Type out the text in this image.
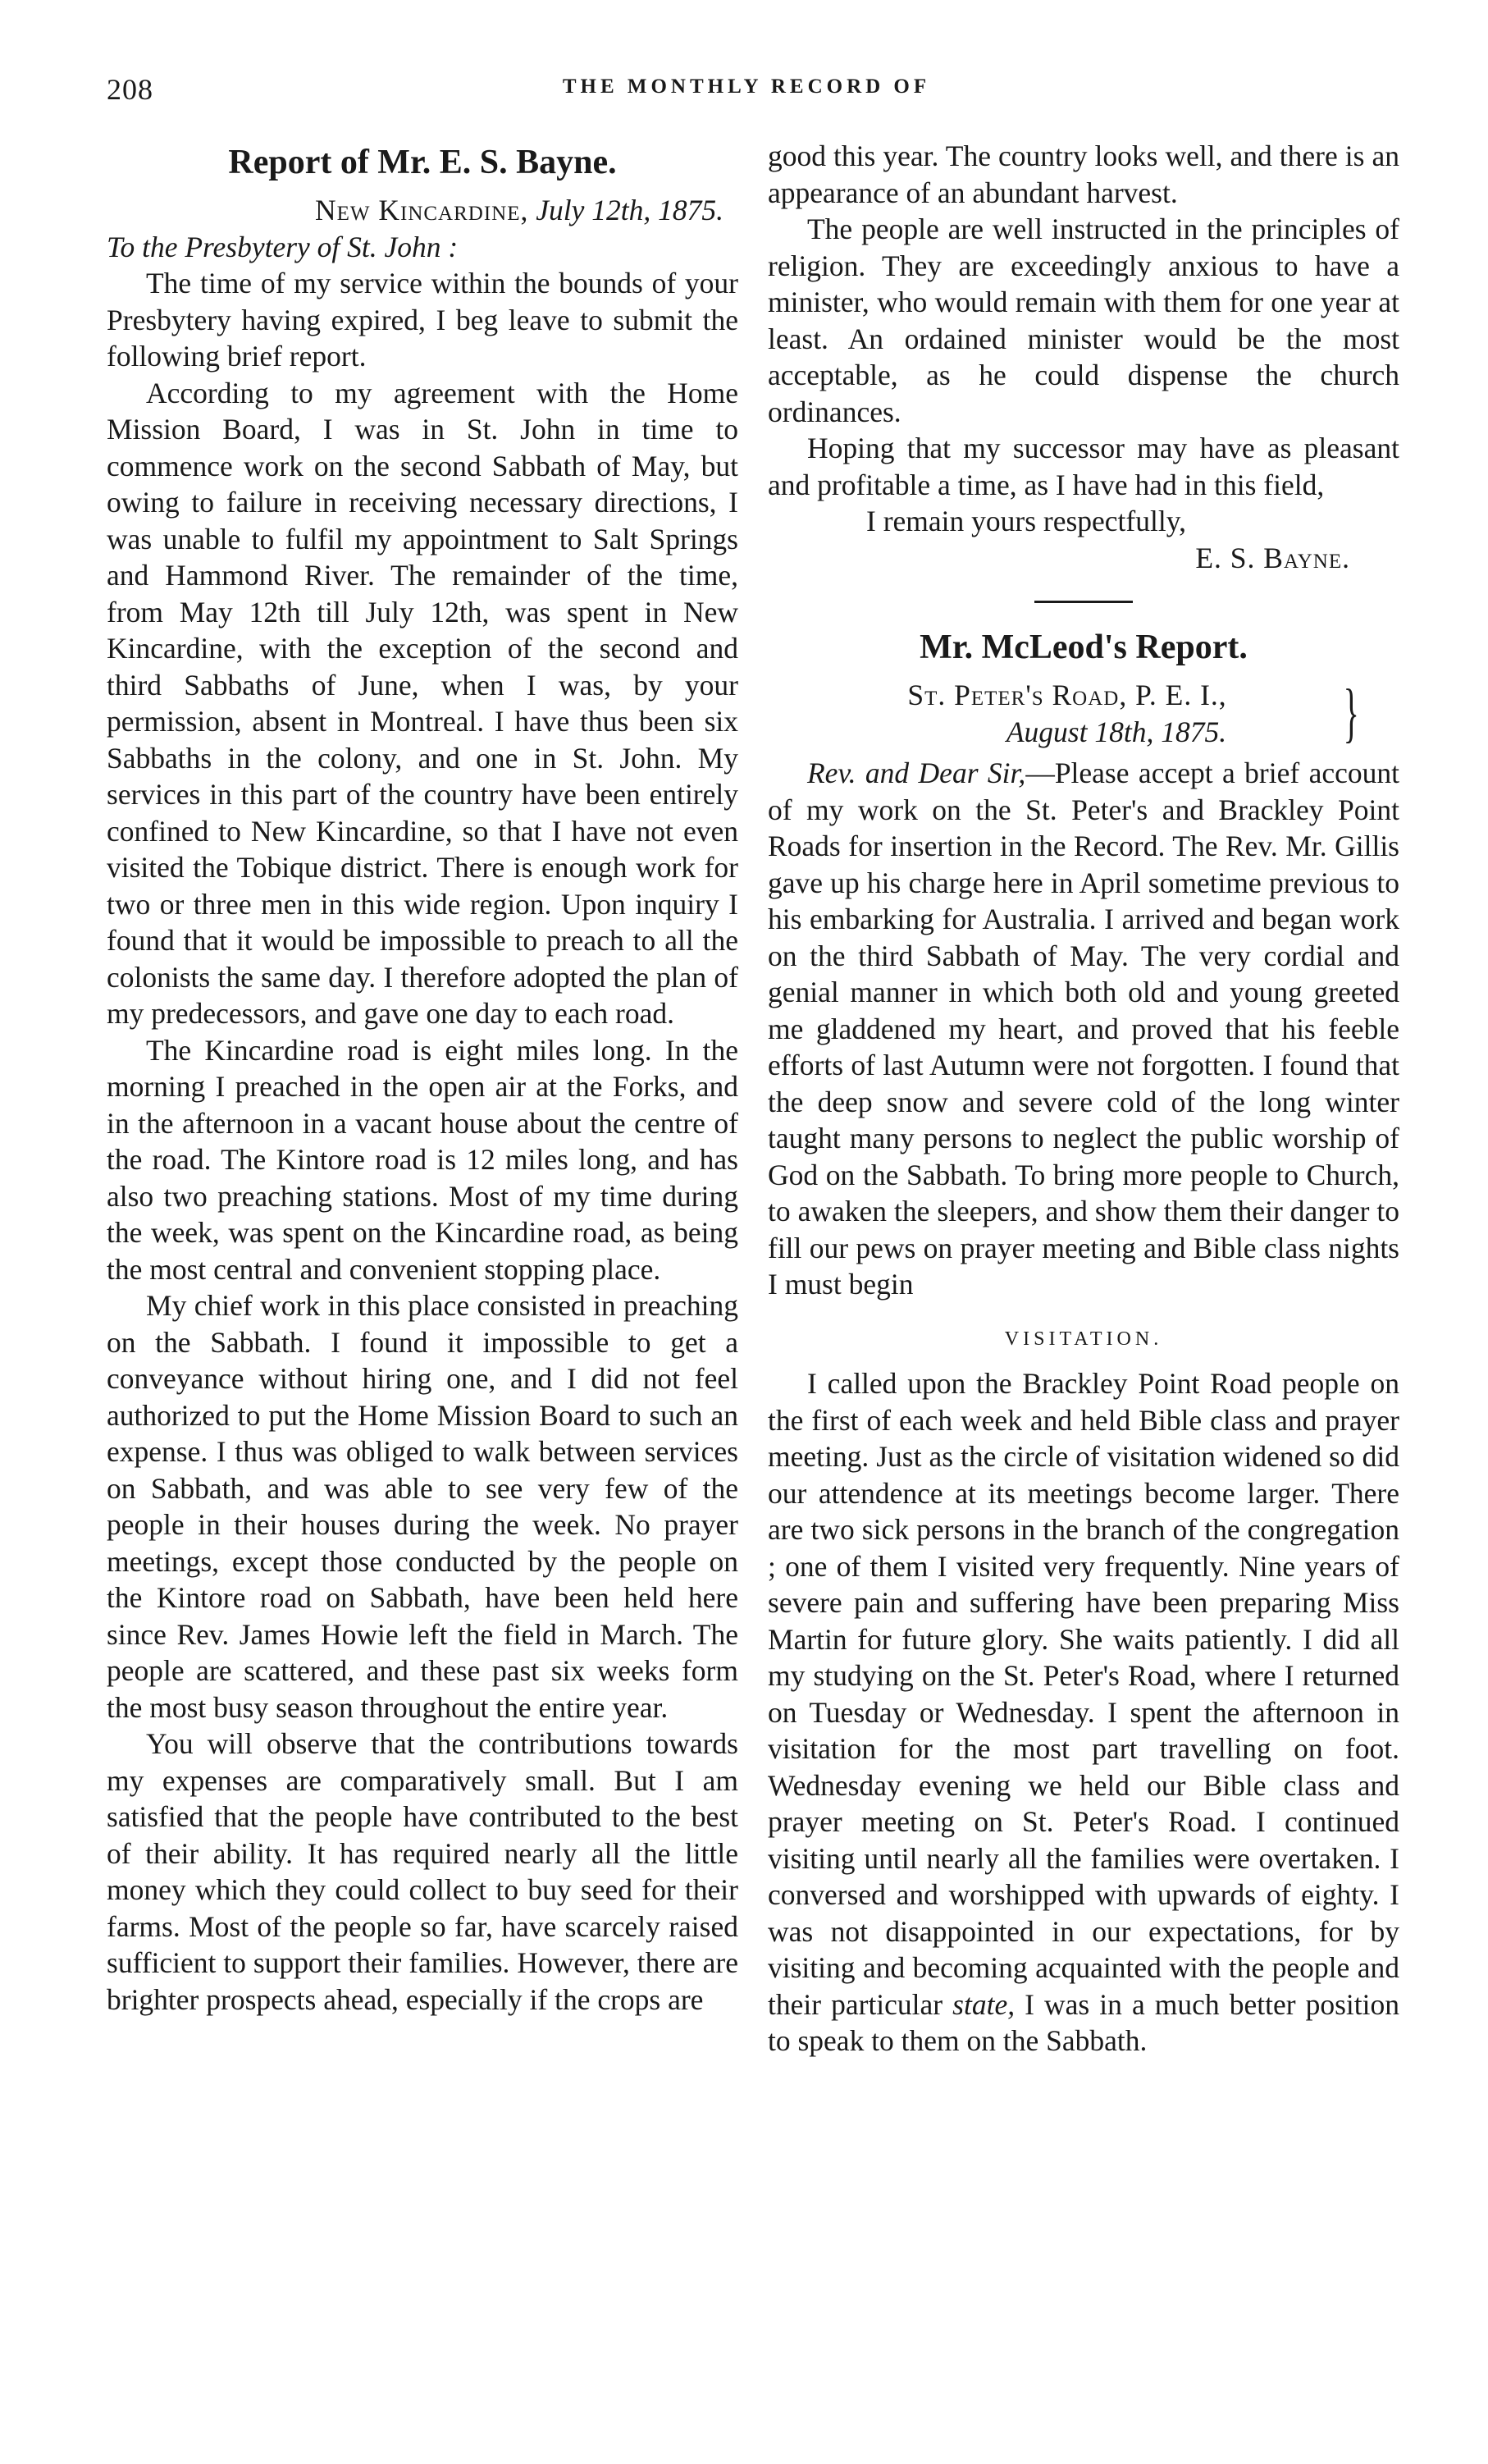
208	THE MONTHLY RECORD OF
Report of Mr. E. S. Bayne.

New Kincardine, July 12th, 1875.

To the Presbytery of St. John :

The time of my service within the bounds of your Presbytery having expired, I beg leave to submit the following brief report.

According to my agreement with the Home Mission Board, I was in St. John in time to commence work on the second Sabbath of May, but owing to failure in receiving necessary directions, I was unable to fulfil my appointment to Salt Springs and Hammond River. The remainder of the time, from May 12th till July 12th, was spent in New Kincardine, with the exception of the second and third Sabbaths of June, when I was, by your permission, absent in Montreal. I have thus been six Sabbaths in the colony, and one in St. John. My services in this part of the country have been entirely confined to New Kincardine, so that I have not even visited the Tobique district. There is enough work for two or three men in this wide region. Upon inquiry I found that it would be impossible to preach to all the colonists the same day. I therefore adopted the plan of my predecessors, and gave one day to each road.

The Kincardine road is eight miles long. In the morning I preached in the open air at the Forks, and in the afternoon in a vacant house about the centre of the road. The Kintore road is 12 miles long, and has also two preaching stations. Most of my time during the week, was spent on the Kincardine road, as being the most central and convenient stopping place.

My chief work in this place consisted in preaching on the Sabbath. I found it impossible to get a conveyance without hiring one, and I did not feel authorized to put the Home Mission Board to such an expense. I thus was obliged to walk between services on Sabbath, and was able to see very few of the people in their houses during the week. No prayer meetings, except those conducted by the people on the Kintore road on Sabbath, have been held here since Rev. James Howie left the field in March. The people are scattered, and these past six weeks form the most busy season throughout the entire year.

You will observe that the contributions towards my expenses are comparatively small. But I am satisfied that the people have contributed to the best of their ability. It has required nearly all the little money which they could collect to buy seed for their farms. Most of the people so far, have scarcely raised sufficient to support their families. However, there are brighter prospects ahead, especially if the crops are

good this year. The country looks well, and there is an appearance of an abundant harvest.

The people are well instructed in the principles of religion. They are exceedingly anxious to have a minister, who would remain with them for one year at least. An ordained minister would be the most acceptable, as he could dispense the church ordinances.

Hoping that my successor may have as pleasant and profitable a time, as I have had in this field,

I remain yours respectfully,

E. S. Bayne.

Mr. McLeod's Report.
St. Peter's Road, P. E. I.,
August 18th, 1875.	}

Rev. and Dear Sir,—Please accept a brief account of my work on the St. Peter's and Brackley Point Roads for insertion in the Record. The Rev. Mr. Gillis gave up his charge here in April sometime previous to his embarking for Australia. I arrived and began work on the third Sabbath of May. The very cordial and genial manner in which both old and young greeted me gladdened my heart, and proved that his feeble efforts of last Autumn were not forgotten. I found that the deep snow and severe cold of the long winter taught many persons to neglect the public worship of God on the Sabbath. To bring more people to Church, to awaken the sleepers, and show them their danger to fill our pews on prayer meeting and Bible class nights I must begin

VISITATION.

I called upon the Brackley Point Road people on the first of each week and held Bible class and prayer meeting. Just as the circle of visitation widened so did our attendence at its meetings become larger. There are two sick persons in the branch of the congregation ; one of them I visited very frequently. Nine years of severe pain and suffering have been preparing Miss Martin for future glory. She waits patiently. I did all my studying on the St. Peter's Road, where I returned on Tuesday or Wednesday. I spent the afternoon in visitation for the most part travelling on foot. Wednesday evening we held our Bible class and prayer meeting on St. Peter's Road. I continued visiting until nearly all the families were overtaken. I conversed and worshipped with upwards of eighty. I was not disappointed in our expectations, for by visiting and becoming acquainted with the people and their particular state, I was in a much better position to speak to them on the Sabbath.
